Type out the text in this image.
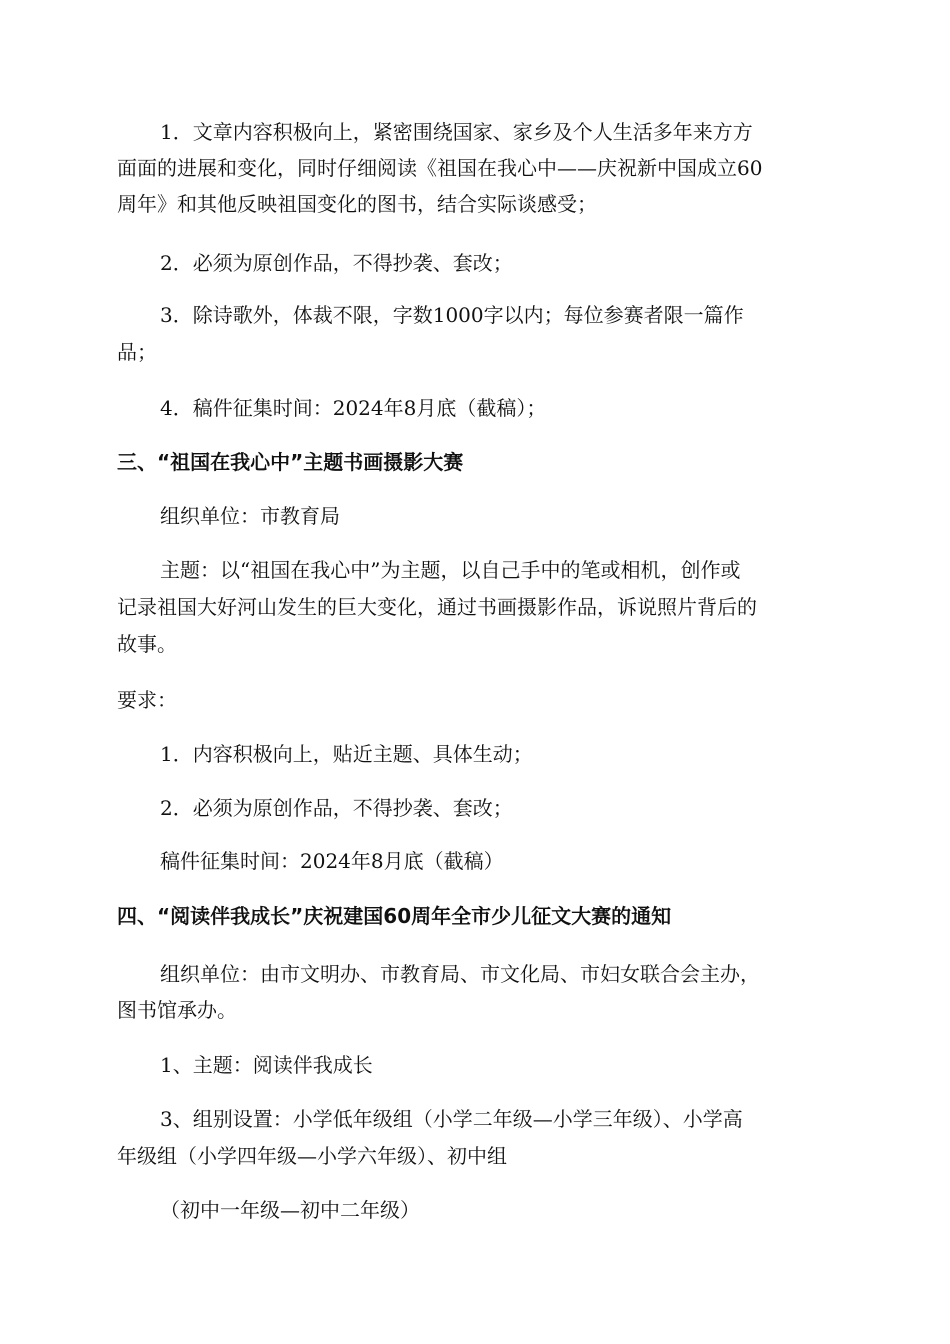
1．文章内容积极向上，紧密围绕国家、家乡及个人生活多年来方方
面面的进展和变化，同时仔细阅读《祖国在我心中——庆祝新中国成立60
周年》和其他反映祖国变化的图书，结合实际谈感受；
2．必须为原创作品，不得抄袭、套改；
3．除诗歌外，体裁不限，字数1000字以内；每位参赛者限一篇作
品；
4．稿件征集时间：2024年8月底（截稿）；
三、“祖国在我心中”主题书画摄影大赛
组织单位：市教育局
主题：以“祖国在我心中”为主题，以自己手中的笔或相机，创作或
记录祖国大好河山发生的巨大变化，通过书画摄影作品，诉说照片背后的
故事。
要求：
1．内容积极向上，贴近主题、具体生动；
2．必须为原创作品，不得抄袭、套改；
稿件征集时间：2024年8月底（截稿）
四、“阅读伴我成长”庆祝建国60周年全市少儿征文大赛的通知
组织单位：由市文明办、市教育局、市文化局、市妇女联合会主办，
图书馆承办。
1、主题：阅读伴我成长
3、组别设置：小学低年级组（小学二年级—小学三年级）、小学高
年级组（小学四年级—小学六年级）、初中组
（初中一年级—初中二年级）
